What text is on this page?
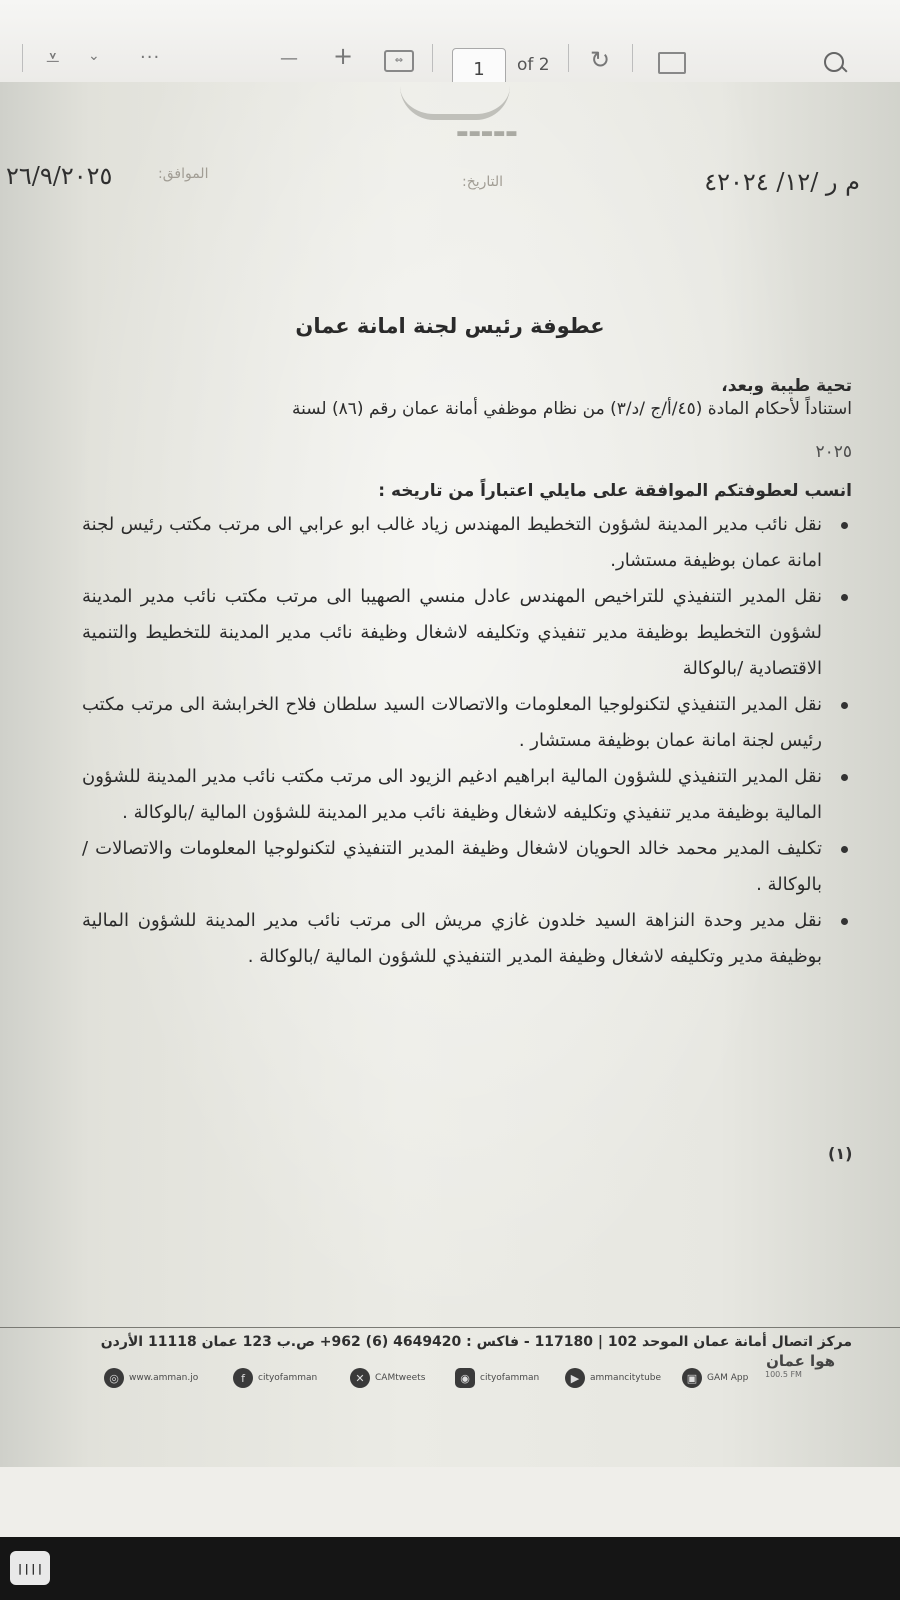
⩡ ⌄ ...	— +	⇔	1	of 2 ↻
▬▬▬▬▬
الموافق:
٢٦/٩/٢٠٢٥	التاريخ:	م ر /١٢/ ٤٢٠٢٤
عطوفة رئيس لجنة امانة عمان
تحية طيبة وبعد،
استناداً لأحكام المادة (٤٥/أ/ج /د/٣) من نظام موظفي أمانة عمان رقم (٨٦) لسنة
٢٠٢٥
انسب لعطوفتكم الموافقة على مايلي اعتباراً من تاريخه :
نقل نائب مدير المدينة لشؤون التخطيط المهندس زياد غالب ابو عرابي الى مرتب مكتب رئيس لجنة امانة عمان بوظيفة مستشار.
نقل المدير التنفيذي للتراخيص المهندس عادل منسي الصهيبا الى مرتب مكتب نائب مدير المدينة لشؤون التخطيط بوظيفة مدير تنفيذي وتكليفه لاشغال وظيفة نائب مدير المدينة للتخطيط والتنمية الاقتصادية /بالوكالة
نقل المدير التنفيذي لتكنولوجيا المعلومات والاتصالات السيد سلطان فلاح الخرابشة الى مرتب مكتب رئيس لجنة امانة عمان بوظيفة مستشار .
نقل المدير التنفيذي للشؤون المالية ابراهيم ادغيم الزيود الى مرتب مكتب نائب مدير المدينة للشؤون المالية بوظيفة مدير تنفيذي وتكليفه لاشغال وظيفة نائب مدير المدينة للشؤون المالية /بالوكالة .
تكليف المدير محمد خالد الحويان لاشغال وظيفة المدير التنفيذي لتكنولوجيا المعلومات والاتصالات /بالوكالة .
نقل مدير وحدة النزاهة السيد خلدون غازي مريش الى مرتب نائب مدير المدينة للشؤون المالية بوظيفة مدير وتكليفه لاشغال وظيفة المدير التنفيذي للشؤون المالية /بالوكالة .
(١)
مركز اتصال أمانة عمان الموحد 102 | 117180 - فاكس : 4649420 (6) 962+ ص.ب 123 عمان 11118 الأردن
◎	www.amman.jo	f	cityofamman	✕	CAMtweets	◉	cityofamman	▶	ammancitytube	▣	GAM App
هوا عمان
100.5 FM
||||
